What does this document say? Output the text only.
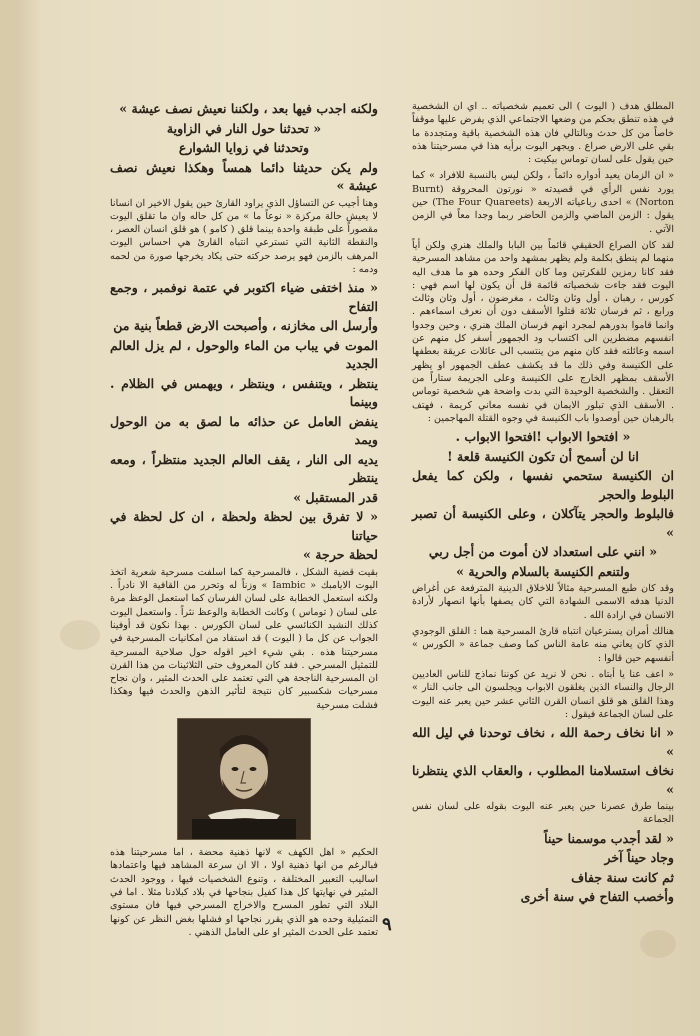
المطلق هدف ( اليوت ) الى تعميم شخصياته .. اي ان الشخصية في هذه تنطق بحكم من وضعها الاجتماعي الذي يفرض عليها موقفاً خاصاً من كل حدث وبالتالي فان هذه الشخصية باقية ومتجددة ما بقي على الارض صراع . ويجهر اليوت برأيه هذا في مسرحيتنا هذه حين يقول على لسان توماس بيكيت :

« ان الزمان يعيد أدواره دائماً ، ولكن ليس بالنسبة للافراد » كما يورد نفس الرأي في قصيدته « نورتون المحروقة (Burnt Norton) » احدى رباعياته الاربعة (The Four Quareets) حين يقول : الزمن الماضي والزمن الحاضر ربما وجدا معاً في الزمن الآتي .

لقد كان الصراع الحقيقي قائماً بين البابا والملك هنري ولكن أياً منهما لم ينطق بكلمة ولم يظهر بمشهد واحد من مشاهد المسرحية فقد كانا رمزين للفكرتين وما كان الفكر وحده هو ما هدف اليه اليوت فقد جاءت شخصياته قائمة قل أن يكون لها اسم فهي : كورس ، رهبان ، أول وثان وثالث ، مغرضون ، أول وثان وثالث ورابع ، ثم فرسان ثلاثة قتلوا الأسقف دون أن نعرف اسماءهم . وانما قاموا بدورهم لمجرد انهم فرسان الملك هنري ، وحين وجدوا انفسهم مضطرين الى اكتساب ود الجمهور أسفر كل منهم عن اسمه وعائلته فقد كان منهم من ينتسب الى عائلات عريقة بعطفها على الكنيسة وفي ذلك ما قد يكشف عطف الجمهور او يظهر الأسقف بمظهر الخارج على الكنيسة وعلى الجريمة ستاراً من التعقل . والشخصية الوحيدة التي بدت واضحة هي شخصية توماس . الأسقف الذي تبلور الايمان في نفسه معاني كريمة ، فهتف بالرهبان حين أوصدوا باب الكنيسة في وجوه القتلة المهاجمين :

« افتحوا الابواب !افتحوا الابواب .
انا لن أسمح أن تكون الكنيسة قلعة !
ان الكنيسة ستحمي نفسها ، ولكن كما يفعل البلوط والحجر
فالبلوط والحجر يتآكلان ، وعلى الكنيسة أن تصبر »
« انني على استعداد لان أموت من أجل ربي
ولتنعم الكنيسة بالسلام والحرية »

وقد كان طبع المسرحية مثالاً للاخلاق الدينية المترفعة عن أغراض الدنيا هدفه الاسمى الشهادة التي كان يصفها بأنها انصهار لأرادة الانسان في ارادة الله .

هنالك أمران يسترعيان انتباه قارئ المسرحية هما : القلق الوجودي الذي كان يعاني منه عامة الناس كما وصف جماعة « الكورس » أنفسهم حين قالوا :

« اعف عنا يا أبتاه . نحن لا نريد عن كوننا نماذج للناس العاديين الرجال والنساء الذين يغلقون الابواب ويجلسون الى جانب النار » وهذا القلق هو قلق انسان القرن الثاني عشر حين يعبر عنه اليوت على لسان الجماعة فيقول :

« انا نخاف رحمة الله ، نخاف توحدنا في ليل الله »
نخاف استسلامنا المطلوب ، والعقاب الذي ينتظرنا »

بينما طرق عصرنا حين يعبر عنه اليوت بقوله على لسان نفس الجماعة

« لقد أجدب موسمنا حيناً
وجاد حيناً آخر
ثم كانت سنة جفاف
وأخصب التفاح في سنة أخرى
ولكنه اجدب فيها بعد ، ولكننا نعيش نصف عيشة »
« تحدثنا حول النار في الزاوية
وتحدثنا في زوايا الشوارع
ولم يكن حديثنا دائما همساً وهكذا نعيش نصف عيشة »

وهنا أجيب عن التساؤل الذي يراود القارئ حين يقول الاخير ان انسانا لا يعيش حالة مركزة « نوعاً ما » من كل حاله وان ما تقلق اليوت مقصوراً على طبقة واحدة بينما قلق ( كامو ) هو قلق انسان العصر ، والنقطة الثانية التي تسترعي انتباه القارئ هي احساس اليوت المرهف بالزمن فهو يرصد حركته حتى يكاد يخرجها صورة من لحمه ودمه :

« منذ اختفى ضياء اكتوبر في عتمة نوفمبر ، وجمع التفاح
وأرسل الى مخازنه ، وأصبحت الارض قطعاً بنية من
الموت في يباب من الماء والوحول ، لم يزل العالم الجديد
ينتظر ، ويتنفس ، وينتظر ، ويهمس في الظلام . وبينما
ينفض العامل عن حذائه ما لصق به من الوحول ويمد
يديه الى النار ، يقف العالم الجديد منتظراً ، ومعه ينتظر
قدر المستقبل »
« لا تفرق بين لحظة ولحظة ، ان كل لحظة في حياتنا
لحظة حرجة »

بقيت قضية الشكل ، فالمسرحية كما اسلفت مسرحية شعرية اتخذ اليوت الايامبك « Iambic » وزناً له وتحرر من القافية الا نادراً . ولكنه استعمل الخطابة على لسان الفرسان كما استعمل الوعظ مرة على لسان ( توماس ) وكانت الخطابة والوعظ نثراً . واستعمل اليوت كذلك النشيد الكنائسي على لسان الكورس . بهذا نكون قد أوفينا الجواب عن كل ما ( اليوت ) قد استفاد من امكانيات المسرحية في مسرحيتنا هذه . بقي شيء اخير اقوله حول صلاحية المسرحية للتمثيل المسرحي . فقد كان المعروف حتى الثلاثينات من هذا القرن ان المسرحية الناجحة هي التي تعتمد على الحدث المثير ، وان نجاح مسرحيات شكسبير كان نتيجة لتأثير الذهن والحدث فيها وهكذا فشلت مسرحية

الحكيم « اهل الكهف » لانها ذهنية محضة ، اما مسرحيتنا هذه فبالرغم من انها ذهنية اولا ، الا ان سرعة المشاهد فيها واعتمادها اساليب التعبير المختلفة ، وتنوع الشخصيات فيها ، ووجود الحدث المثير في نهايتها كل هذا كفيل بنجاحها في بلاد كبلادنا مثلا . اما في البلاد التي تطور المسرح والاخراج المسرحي فيها فان مستوى التمثيلية وحده هو الذي يقرر نجاحها او فشلها بغض النظر عن كونها تعتمد على الحدث المثير او على العامل الذهني . ٩
